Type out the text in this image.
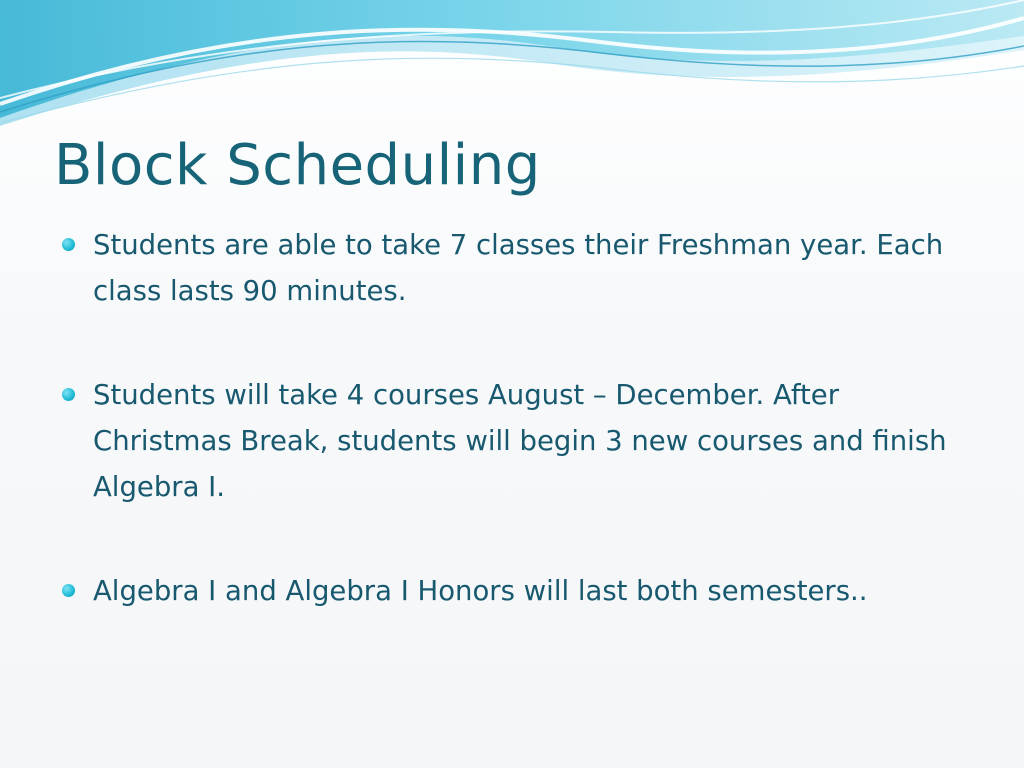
Block Scheduling
Students are able to take 7 classes their Freshman year. Each class lasts 90 minutes.
Students will take 4 courses August – December. After Christmas Break, students will begin 3 new courses and finish Algebra I.
Algebra I and Algebra I Honors will last both semesters..
